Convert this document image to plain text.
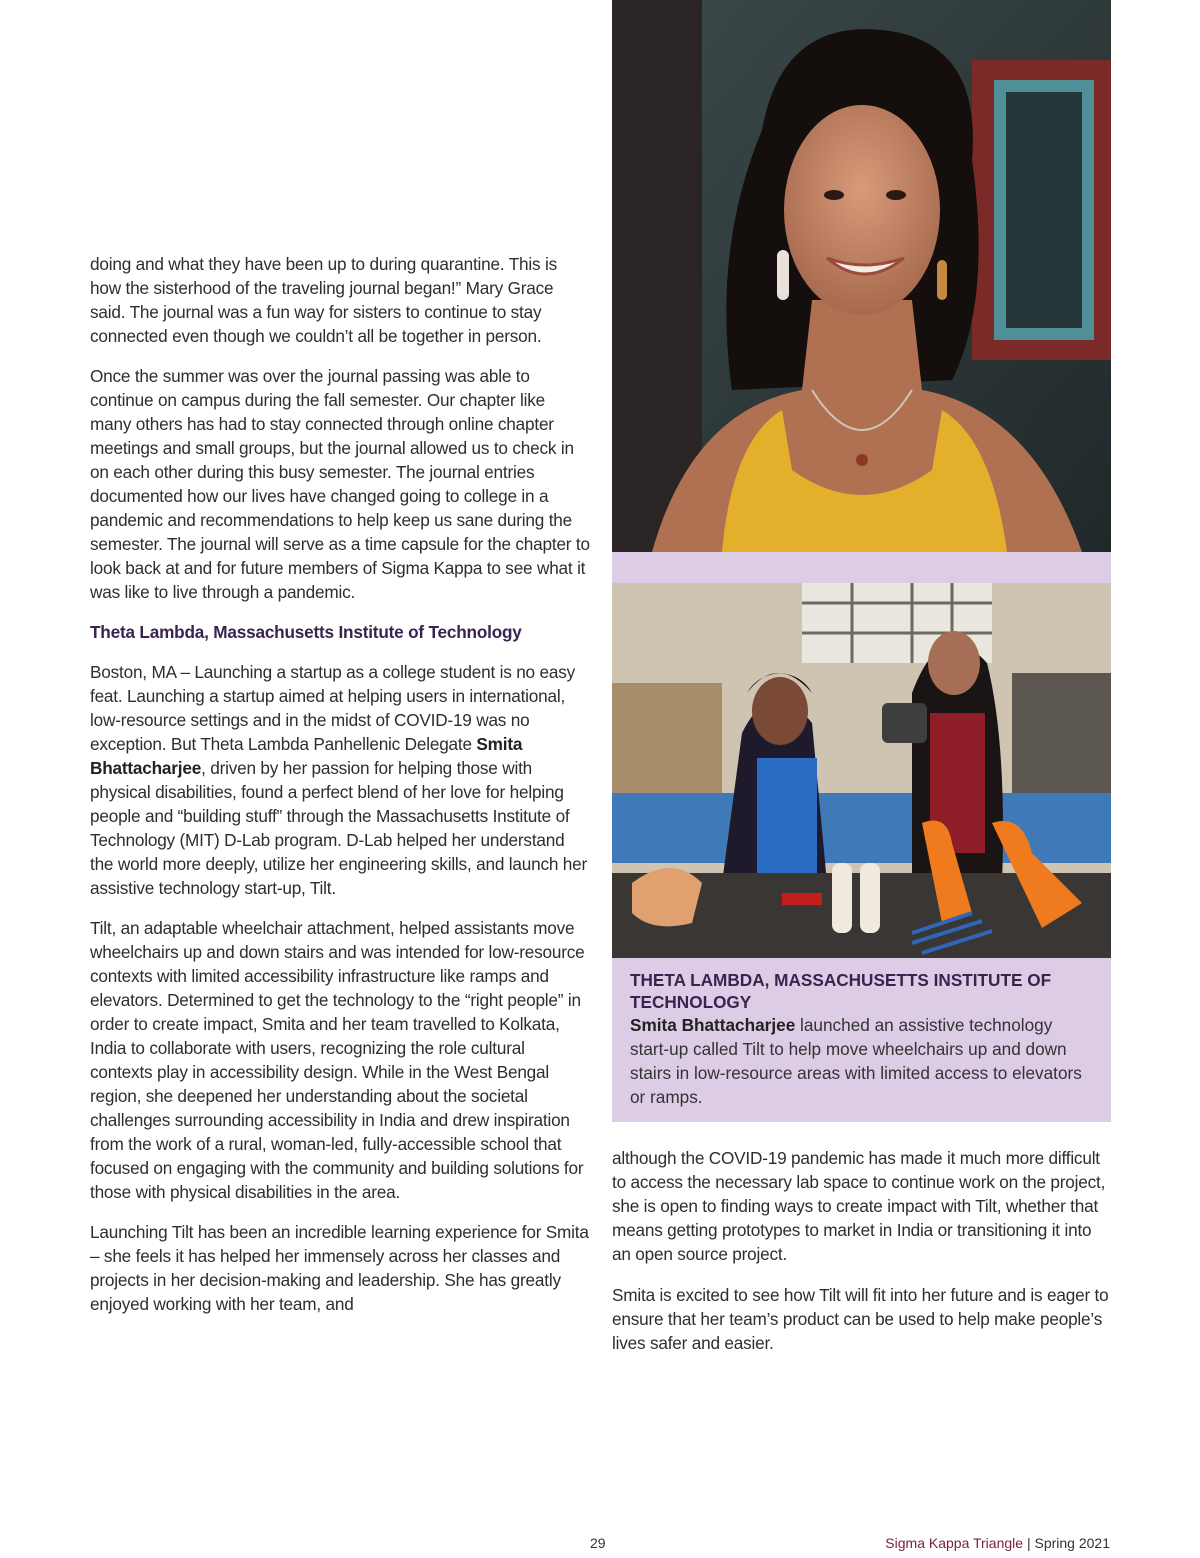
doing and what they have been up to during quarantine. This is how the sisterhood of the traveling journal began!” Mary Grace said. The journal was a fun way for sisters to continue to stay connected even though we couldn’t all be together in person.

Once the summer was over the journal passing was able to continue on campus during the fall semester. Our chapter like many others has had to stay connected through online chapter meetings and small groups, but the journal allowed us to check in on each other during this busy semester. The journal entries documented how our lives have changed going to college in a pandemic and recommendations to help keep us sane during the semester. The journal will serve as a time capsule for the chapter to look back at and for future members of Sigma Kappa to see what it was like to live through a pandemic.

Theta Lambda, Massachusetts Institute of Technology

Boston, MA – Launching a startup as a college student is no easy feat. Launching a startup aimed at helping users in international, low-resource settings and in the midst of COVID-19 was no exception. But Theta Lambda Panhellenic Delegate Smita Bhattacharjee, driven by her passion for helping those with physical disabilities, found a perfect blend of her love for helping people and “building stuff” through the Massachusetts Institute of Technology (MIT) D-Lab program. D-Lab helped her understand the world more deeply, utilize her engineering skills, and launch her assistive technology start-up, Tilt.

Tilt, an adaptable wheelchair attachment, helped assistants move wheelchairs up and down stairs and was intended for low-resource contexts with limited accessibility infrastructure like ramps and elevators. Determined to get the technology to the “right people” in order to create impact, Smita and her team travelled to Kolkata, India to collaborate with users, recognizing the role cultural contexts play in accessibility design. While in the West Bengal region, she deepened her understanding about the societal challenges surrounding accessibility in India and drew inspiration from the work of a rural, woman-led, fully-accessible school that focused on engaging with the community and building solutions for those with physical disabilities in the area.

Launching Tilt has been an incredible learning experience for Smita – she feels it has helped her immensely across her classes and projects in her decision-making and leadership. She has greatly enjoyed working with her team, and

THETA LAMBDA, MASSACHUSETTS INSTITUTE OF TECHNOLOGY

Smita Bhattacharjee launched an assistive technology start-up called Tilt to help move wheelchairs up and down stairs in low-resource areas with limited access to elevators or ramps.

although the COVID-19 pandemic has made it much more difficult to access the necessary lab space to continue work on the project, she is open to finding ways to create impact with Tilt, whether that means getting prototypes to market in India or transitioning it into an open source project.

Smita is excited to see how Tilt will fit into her future and is eager to ensure that her team’s product can be used to help make people’s lives safer and easier.

29	Sigma Kappa Triangle | Spring 2021
